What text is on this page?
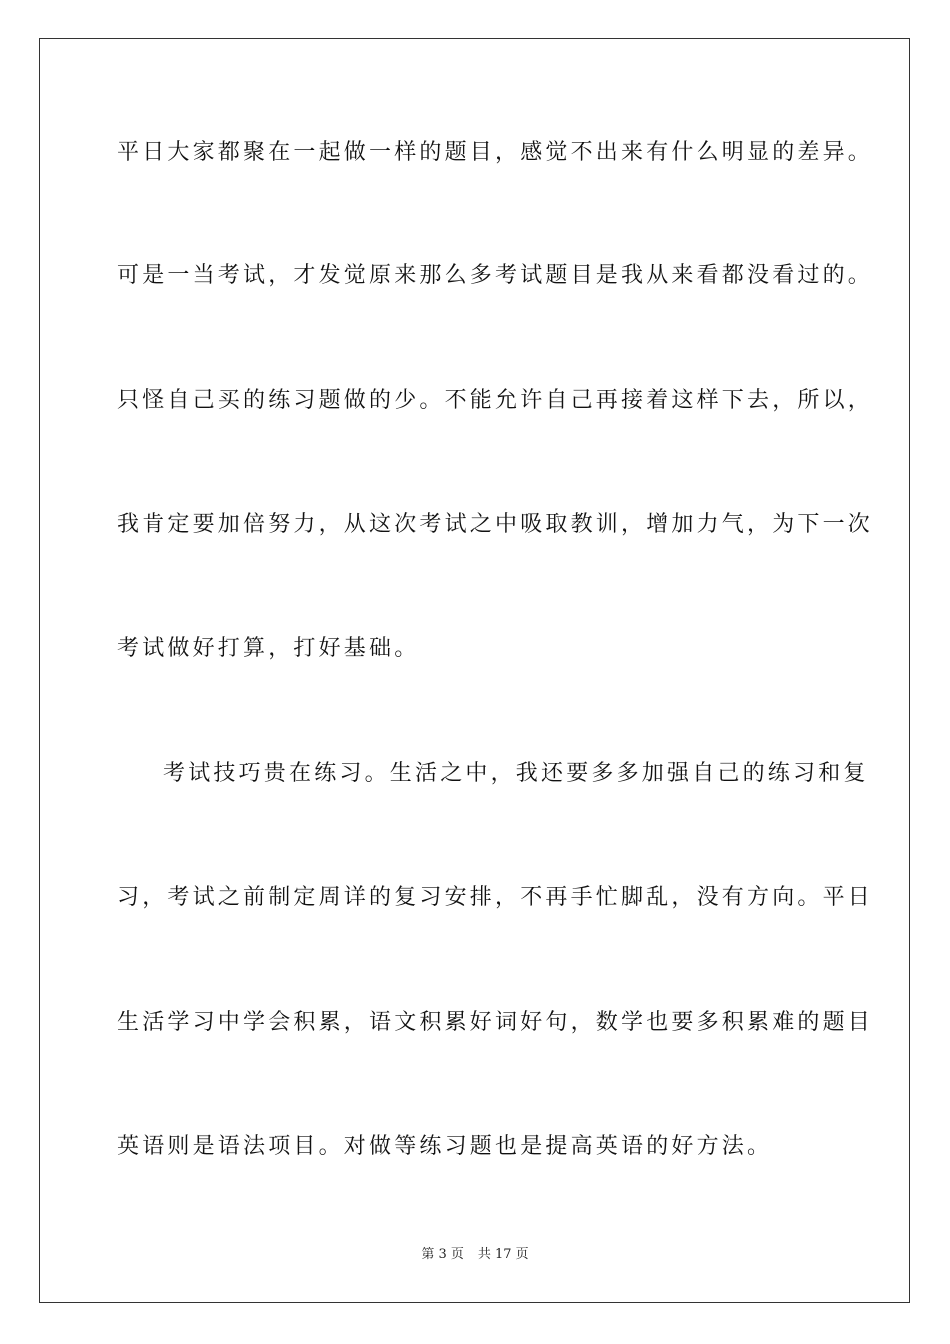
平日大家都聚在一起做一样的题目，感觉不出来有什么明显的差异。
可是一当考试，才发觉原来那么多考试题目是我从来看都没看过的。
只怪自己买的练习题做的少。不能允许自己再接着这样下去，所以，
我肯定要加倍努力，从这次考试之中吸取教训，增加力气，为下一次
考试做好打算，打好基础。
考试技巧贵在练习。生活之中，我还要多多加强自己的练习和复
习，考试之前制定周详的复习安排，不再手忙脚乱，没有方向。平日
生活学习中学会积累，语文积累好词好句，数学也要多积累难的题目
英语则是语法项目。对做等练习题也是提高英语的好方法。
第 3 页 共 17 页
